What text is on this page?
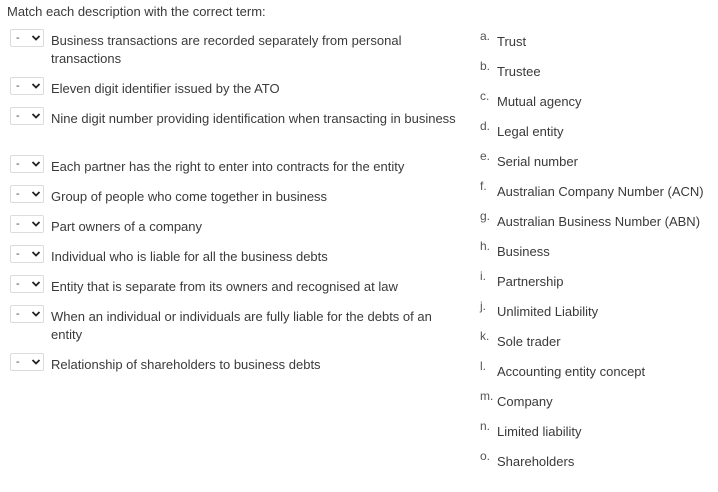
Match each description with the correct term:
- Business transactions are recorded separately from personal transactions
- Eleven digit identifier issued by the ATO
- Nine digit number providing identification when transacting in business
- Each partner has the right to enter into contracts for the entity
- Group of people who come together in business
- Part owners of a company
- Individual who is liable for all the business debts
- Entity that is separate from its owners and recognised at law
- When an individual or individuals are fully liable for the debts of an entity
- Relationship of shareholders to business debts
a. Trust
b. Trustee
c. Mutual agency
d. Legal entity
e. Serial number
f. Australian Company Number (ACN)
g. Australian Business Number (ABN)
h. Business
i. Partnership
j. Unlimited Liability
k. Sole trader
l. Accounting entity concept
m. Company
n. Limited liability
o. Shareholders
